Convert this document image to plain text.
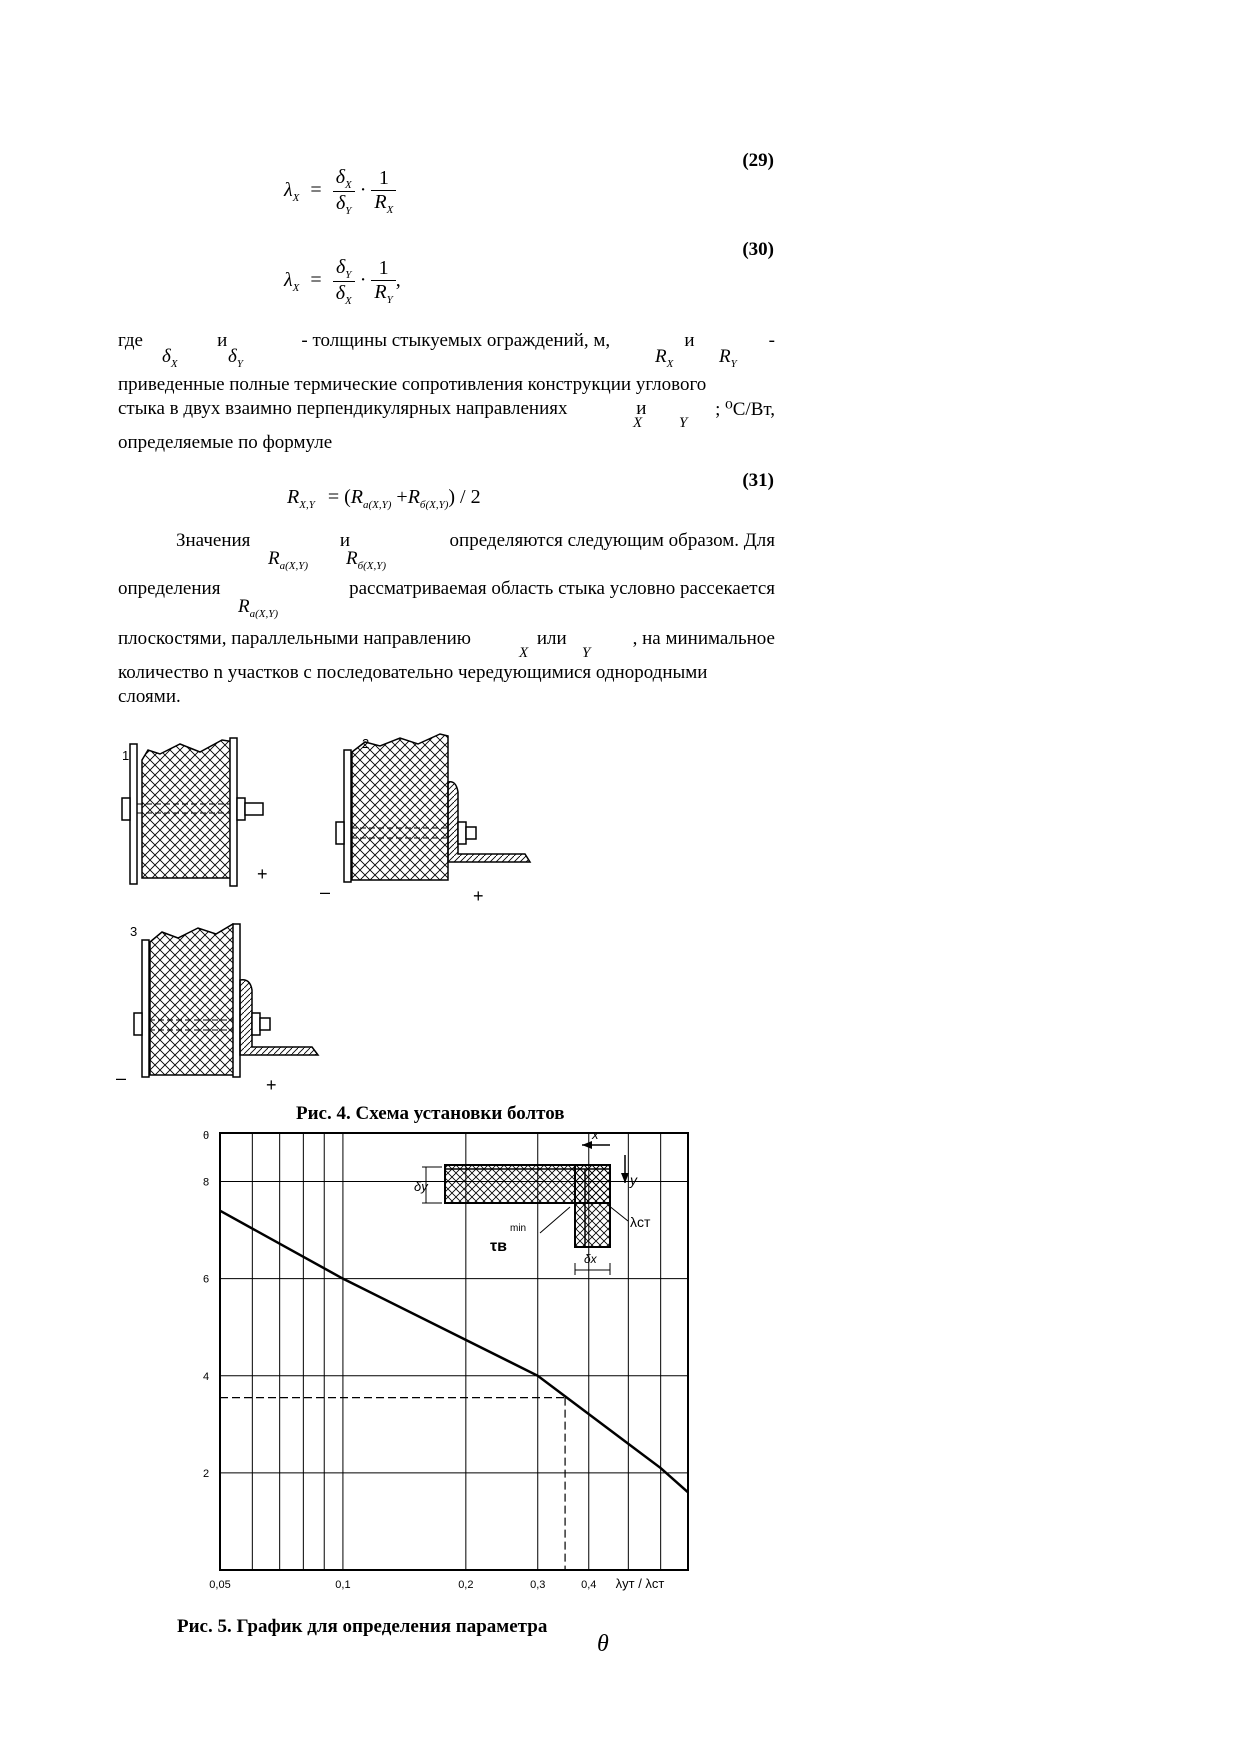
(29)
$\lambda_X = \frac{\delta_X}{\delta_Y} \cdot \frac{1}{R_X}$
(30)
$\lambda_X = \frac{\delta_Y}{\delta_X} \cdot \frac{1}{R_Y}$ ,
где	и	- толщины стыкуемых ограждений, м,	и	-
$\delta_X$	$\delta_Y$	$R_X$ $R_Y$
приведенные полные термические сопротивления конструкции углового
стыка в двух взаимно перпендикулярных направлениях	и	; ⁰С/Вт,
X Y
определяемые по формуле
(31)
$R_{X,Y} = (R_{а(X,Y)} +R_{б(X,Y)}) / 2$
Значения	и	определяются следующим образом. Для
$R_{а(X,Y)}$ $R_{б(X,Y)}$
определения	рассматриваемая область стыка условно рассекается
$R_{а(X,Y)}$
плоскостями, параллельными направлению	или	, на минимальное
X	Y
количество n участков с последовательно чередующимися однородными
слоями.
1
+
–	+
3
–	+
Рис. 4. Схема установки болтов
8
6
4
2
θ
0,05	0,1	0,2	0,3	0,4 λут / λст
δy
δx
x
y
λст
τв
min
Рис. 5. График для определения параметра
θ
